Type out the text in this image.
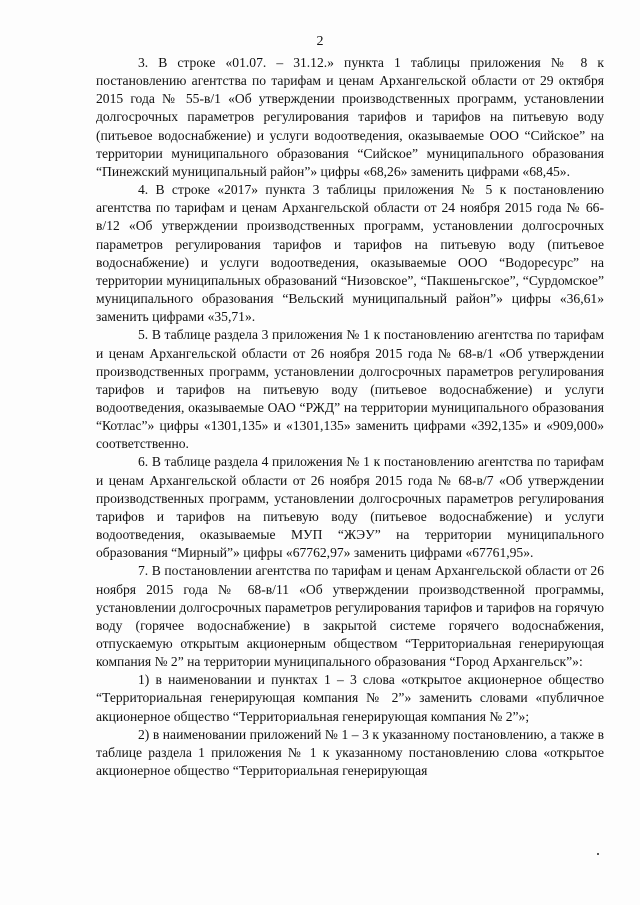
2

3. В строке «01.07. – 31.12.» пункта 1 таблицы приложения № 8 к постановлению агентства по тарифам и ценам Архангельской области от 29 октября 2015 года № 55-в/1 «Об утверждении производственных программ, установлении долгосрочных параметров регулирования тарифов и тарифов на питьевую воду (питьевое водоснабжение) и услуги водоотведения, оказываемые ООО “Сийское” на территории муниципального образования “Сийское” муниципального образования “Пинежский муниципальный район”» цифры «68,26» заменить цифрами «68,45».

4. В строке «2017» пункта 3 таблицы приложения № 5 к постановлению агентства по тарифам и ценам Архангельской области от 24 ноября 2015 года № 66-в/12 «Об утверждении производственных программ, установлении долгосрочных параметров регулирования тарифов и тарифов на питьевую воду (питьевое водоснабжение) и услуги водоотведения, оказываемые ООО “Водоресурс” на территории муниципальных образований “Низовское”, “Пакшеньгское”, “Сурдомское” муниципального образования “Вельский муниципальный район”» цифры «36,61» заменить цифрами «35,71».

5. В таблице раздела 3 приложения № 1 к постановлению агентства по тарифам и ценам Архангельской области от 26 ноября 2015 года № 68-в/1 «Об утверждении производственных программ, установлении долгосрочных параметров регулирования тарифов и тарифов на питьевую воду (питьевое водоснабжение) и услуги водоотведения, оказываемые ОАО “РЖД” на территории муниципального образования “Котлас”» цифры «1301,135» и «1301,135» заменить цифрами «392,135» и «909,000» соответственно.

6. В таблице раздела 4 приложения № 1 к постановлению агентства по тарифам и ценам Архангельской области от 26 ноября 2015 года № 68-в/7 «Об утверждении производственных программ, установлении долгосрочных параметров регулирования тарифов и тарифов на питьевую воду (питьевое водоснабжение) и услуги водоотведения, оказываемые МУП “ЖЭУ” на территории муниципального образования “Мирный”» цифры «67762,97» заменить цифрами «67761,95».

7. В постановлении агентства по тарифам и ценам Архангельской области от 26 ноября 2015 года № 68-в/11 «Об утверждении производственной программы, установлении долгосрочных параметров регулирования тарифов и тарифов на горячую воду (горячее водоснабжение) в закрытой системе горячего водоснабжения, отпускаемую открытым акционерным обществом “Территориальная генерирующая компания № 2” на территории муниципального образования “Город Архангельск”»:

1) в наименовании и пунктах 1 – 3 слова «открытое акционерное общество “Территориальная генерирующая компания № 2”» заменить словами «публичное акционерное общество “Территориальная генерирующая компания № 2”»;

2) в наименовании приложений № 1 – 3 к указанному постановлению, а также в таблице раздела 1 приложения № 1 к указанному постановлению слова «открытое акционерное общество “Территориальная генерирующая
